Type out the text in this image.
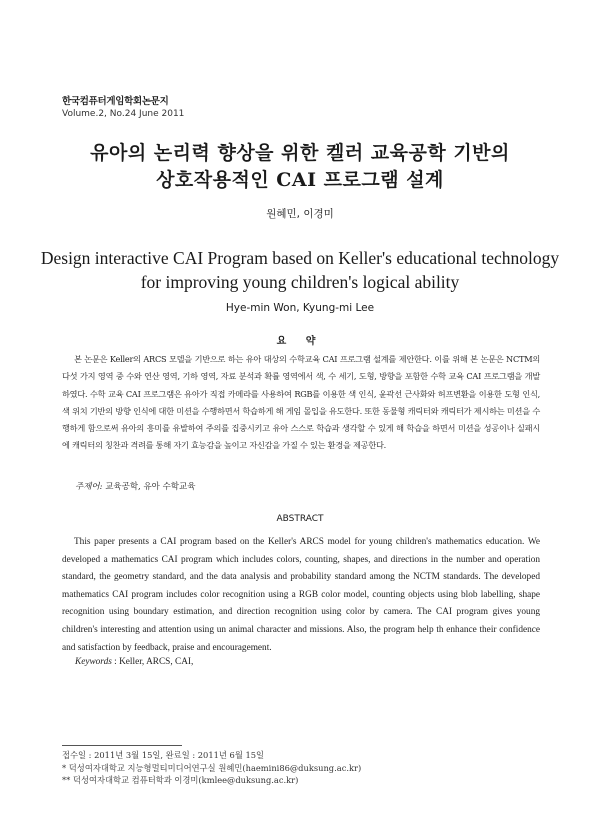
한국컴퓨터게임학회논문지
Volume.2, No.24 June 2011
유아의 논리력 향상을 위한 켈러 교육공학 기반의
상호작용적인 CAI 프로그램 설계
원혜민, 이경미
Design interactive CAI Program based on Keller's educational technology
for improving young children's logical ability
Hye-min Won, Kyung-mi Lee
요 약
본 논문은 Keller의 ARCS 모델을 기반으로 하는 유아 대상의 수학교육 CAI 프로그램 설계를 제안한다. 이를 위해 본 논문은 NCTM의 다섯 가지 영역 중 수와 연산 영역, 기하 영역, 자료 분석과 확률 영역에서 색, 수 세기, 도형, 방향을 포함한 수학 교육 CAI 프로그램을 개발하였다. 수학 교육 CAI 프로그램은 유아가 직접 카메라를 사용하여 RGB를 이용한 색 인식, 윤곽선 근사화와 허프변환을 이용한 도형 인식, 색 위치 기반의 방향 인식에 대한 미션을 수행하면서 학습하게 해 게임 몰입을 유도한다. 또한 동물형 캐릭터와 캐릭터가 제시하는 미션을 수행하게 함으로써 유아의 흥미를 유발하여 주의를 집중시키고 유아 스스로 학습과 생각할 수 있게 해 학습을 하면서 미션을 성공이나 실패시에 캐릭터의 칭찬과 격려를 통해 자기 효능감을 높이고 자신감을 가질 수 있는 환경을 제공한다.
주제어: 교육공학, 유아 수학교육
ABSTRACT
This paper presents a CAI program based on the Keller's ARCS model for young children's mathematics education. We developed a mathematics CAI program which includes colors, counting, shapes, and directions in the number and operation standard, the geometry standard, and the data analysis and probability standard among the NCTM standards. The developed mathematics CAI program includes color recognition using a RGB color model, counting objects using blob labelling, shape recognition using boundary estimation, and direction recognition using color by camera. The CAI program gives young children's interesting and attention using un animal character and missions. Also, the program help th enhance their confidence and satisfaction by feedback, praise and encouragement.
Keywords : Keller, ARCS, CAI,
접수일 : 2011년 3월 15일, 완료일 : 2011년 6월 15일
* 덕성여자대학교 지능형멀티미디어연구실 원혜민(haemini86@duksung.ac.kr)
** 덕성여자대학교 컴퓨터학과 이경미(kmlee@duksung.ac.kr)
